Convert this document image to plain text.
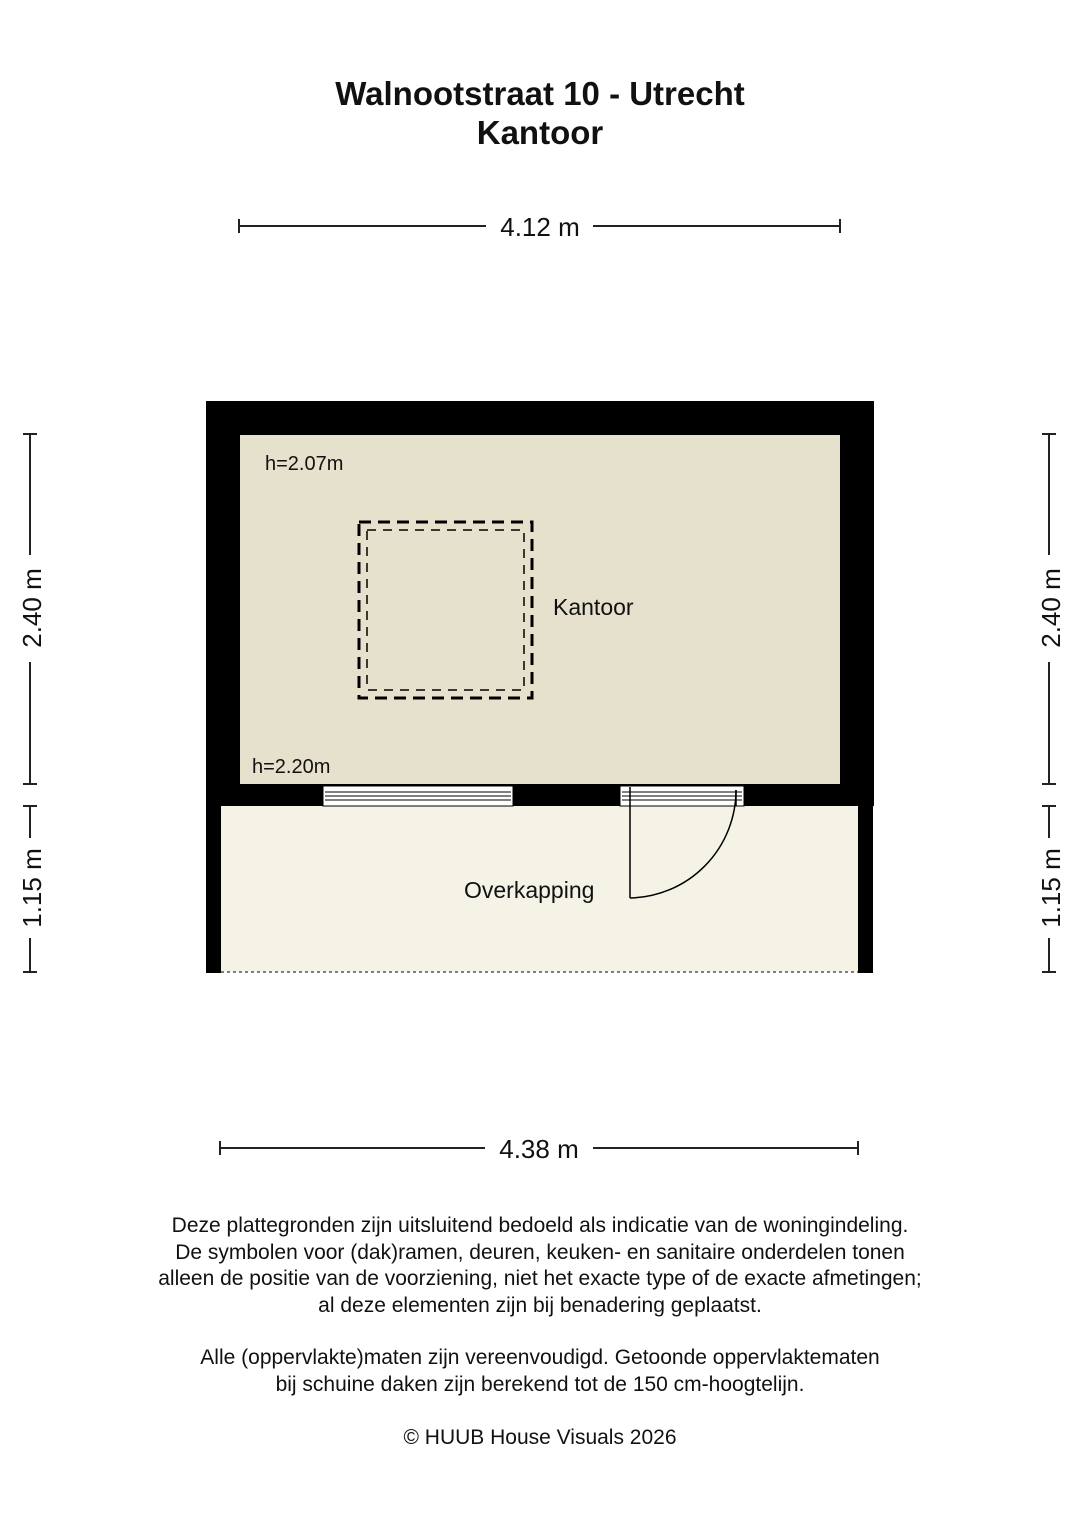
Walnootstraat 10 - Utrecht
Kantoor
4.12 m
h=2.07m
Kantoor
h=2.20m
Overkapping
2.40 m
1.15 m
2.40 m
1.15 m
4.38 m

Deze plattegronden zijn uitsluitend bedoeld als indicatie van de woningindeling.

De symbolen voor (dak)ramen, deuren, keuken- en sanitaire onderdelen tonen

alleen de positie van de voorziening, niet het exacte type of de exacte afmetingen;

al deze elementen zijn bij benadering geplaatst.

Alle (oppervlakte)maten zijn vereenvoudigd. Getoonde oppervlaktematen

bij schuine daken zijn berekend tot de 150 cm-hoogtelijn.

© HUUB House Visuals 2026
